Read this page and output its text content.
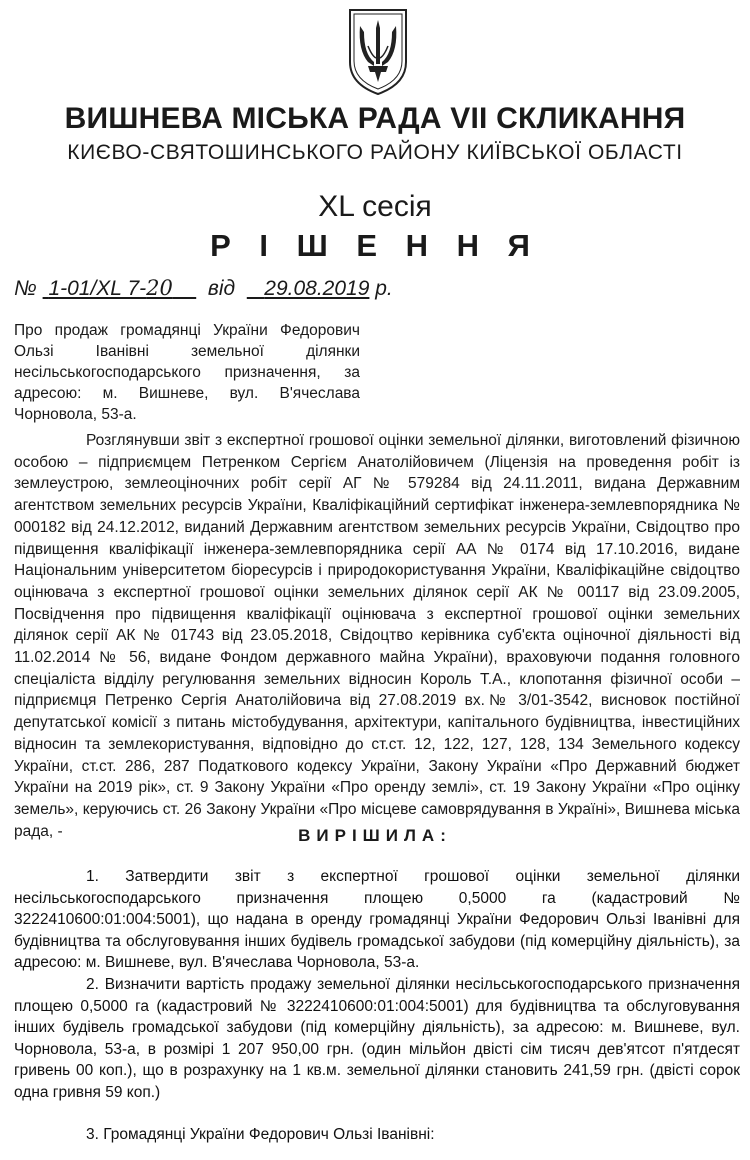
ВИШНЕВА МІСЬКА РАДА VII СКЛИКАННЯ
КИЄВО-СВЯТОШИНСЬКОГО РАЙОНУ КИЇВСЬКОЇ ОБЛАСТІ
XL сесія
Р І Ш Е Н Н Я
№ 1-01/XL 7-20 від 29.08.2019 р.
Про продаж громадянці України Федорович Ользі Іванівні земельної ділянки несільськогосподарського призначення, за адресою: м. Вишневе, вул. В'ячеслава Чорновола, 53-а.
Розглянувши звіт з експертної грошової оцінки земельної ділянки, виготовлений фізичною особою – підприємцем Петренком Сергієм Анатолійовичем (Ліцензія на проведення робіт із землеустрою, землеоціночних робіт серії АГ № 579284 від 24.11.2011, видана Державним агентством земельних ресурсів України, Кваліфікаційний сертифікат інженера-землевпорядника № 000182 від 24.12.2012, виданий Державним агентством земельних ресурсів України, Свідоцтво про підвищення кваліфікації інженера-землевпорядника серії АА № 0174 від 17.10.2016, видане Національним університетом біоресурсів і природокористування України, Кваліфікаційне свідоцтво оцінювача з експертної грошової оцінки земельних ділянок серії АК № 00117 від 23.09.2005, Посвідчення про підвищення кваліфікації оцінювача з експертної грошової оцінки земельних ділянок серії АК № 01743 від 23.05.2018, Свідоцтво керівника суб'єкта оціночної діяльності від 11.02.2014 № 56, видане Фондом державного майна України), враховуючи подання головного спеціаліста відділу регулювання земельних відносин Король Т.А., клопотання фізичної особи – підприємця Петренко Сергія Анатолійовича від 27.08.2019 вх.№ 3/01-3542, висновок постійної депутатської комісії з питань містобудування, архітектури, капітального будівництва, інвестиційних відносин та землекористування, відповідно до ст.ст. 12, 122, 127, 128, 134 Земельного кодексу України, ст.ст. 286, 287 Податкового кодексу України, Закону України «Про Державний бюджет України на 2019 рік», ст. 9 Закону України «Про оренду землі», ст. 19 Закону України «Про оцінку земель», керуючись ст. 26 Закону України «Про місцеве самоврядування в Україні», Вишнева міська рада, -	ВИРІШИЛА:
1. Затвердити звіт з експертної грошової оцінки земельної ділянки несільськогосподарського призначення площею 0,5000 га (кадастровий № 3222410600:01:004:5001), що надана в оренду громадянці України Федорович Ользі Іванівні для будівництва та обслуговування інших будівель громадської забудови (під комерційну діяльність), за адресою: м. Вишневе, вул. В'ячеслава Чорновола, 53-а.
2. Визначити вартість продажу земельної ділянки несільськогосподарського призначення площею 0,5000 га (кадастровий № 3222410600:01:004:5001) для будівництва та обслуговування інших будівель громадської забудови (під комерційну діяльність), за адресою: м. Вишневе, вул. Чорновола, 53-а, в розмірі 1 207 950,00 грн. (один мільйон двісті сім тисяч дев'ятсот п'ятдесят гривень 00 коп.), що в розрахунку на 1 кв.м. земельної ділянки становить 241,59 грн. (двісті сорок одна гривня 59 коп.)
3. Громадянці України Федорович Ользі Іванівні:
